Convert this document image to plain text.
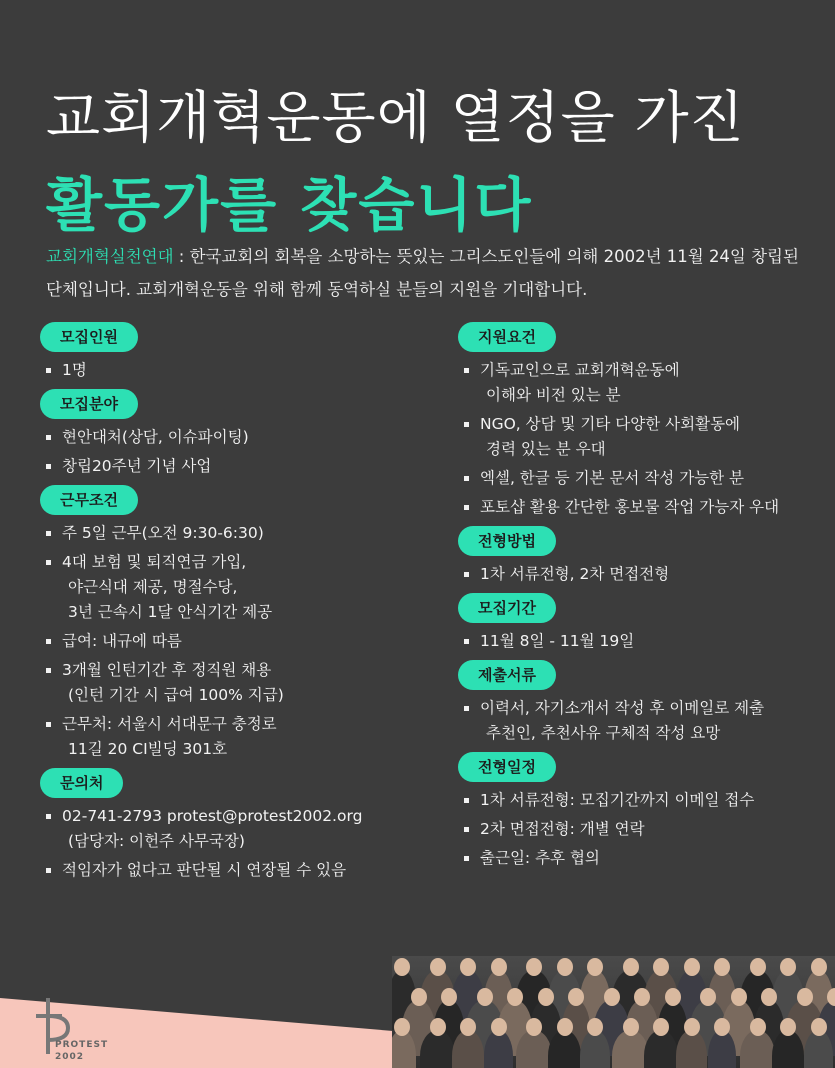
교회개혁운동에 열정을 가진
활동가를 찾습니다
교회개혁실천연대 : 한국교회의 회복을 소망하는 뜻있는 그리스도인들에 의해 2002년 11월 24일 창립된 단체입니다. 교회개혁운동을 위해 함께 동역하실 분들의 지원을 기대합니다.
모집인원
1명
모집분야
현안대처(상담, 이슈파이팅)
창립20주년 기념 사업
근무조건
주 5일 근무(오전 9:30-6:30)
4대 보험 및 퇴직연금 가입,
야근식대 제공, 명절수당,
3년 근속시 1달 안식기간 제공
급여: 내규에 따름
3개월 인턴기간 후 정직원 채용
(인턴 기간 시 급여 100% 지급)
근무처: 서울시 서대문구 충정로
11길 20 CI빌딩 301호
문의처
02-741-2793 protest@protest2002.org
(담당자: 이헌주 사무국장)
적임자가 없다고 판단될 시 연장될 수 있음
지원요건
기독교인으로 교회개혁운동에
이해와 비전 있는 분
NGO, 상담 및 기타 다양한 사회활동에
경력 있는 분 우대
엑셀, 한글 등 기본 문서 작성 가능한 분
포토샵 활용 간단한 홍보물 작업 가능자 우대
전형방법
1차 서류전형, 2차 면접전형
모집기간
11월 8일 - 11월 19일
제출서류
이력서, 자기소개서 작성 후 이메일로 제출
추천인, 추천사유 구체적 작성 요망
전형일정
1차 서류전형: 모집기간까지 이메일 접수
2차 면접전형: 개별 연락
출근일: 추후 협의
PROTEST
2002
